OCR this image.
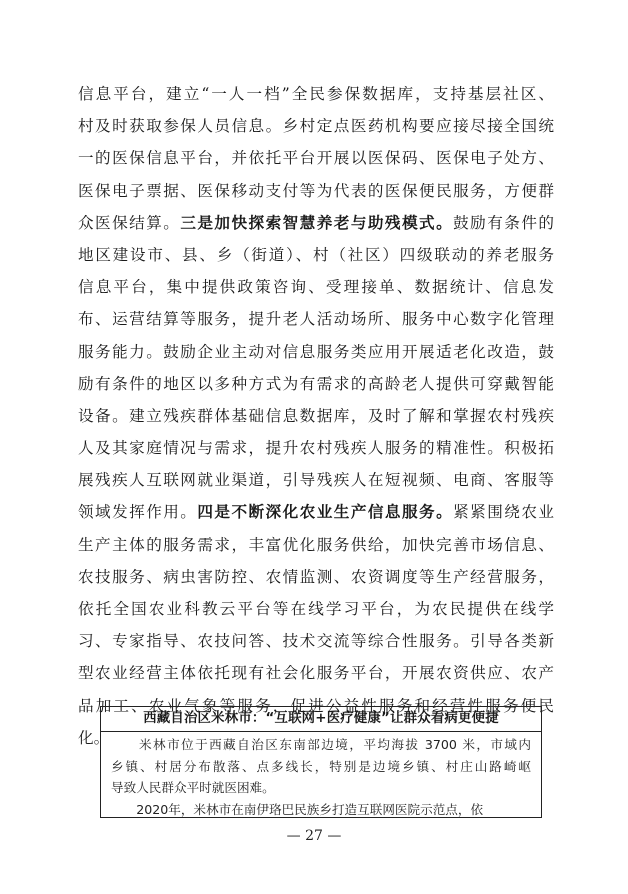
信息平台，建立“一人一档”全民参保数据库，支持基层社区、
村及时获取参保人员信息。乡村定点医药机构要应接尽接全国统
一的医保信息平台，并依托平台开展以医保码、医保电子处方、
医保电子票据、医保移动支付等为代表的医保便民服务，方便群
众医保结算。三是加快探索智慧养老与助残模式。鼓励有条件的
地区建设市、县、乡（街道）、村（社区）四级联动的养老服务
信息平台，集中提供政策咨询、受理接单、数据统计、信息发
布、运营结算等服务，提升老人活动场所、服务中心数字化管理
服务能力。鼓励企业主动对信息服务类应用开展适老化改造，鼓
励有条件的地区以多种方式为有需求的高龄老人提供可穿戴智能
设备。建立残疾群体基础信息数据库，及时了解和掌握农村残疾
人及其家庭情况与需求，提升农村残疾人服务的精准性。积极拓
展残疾人互联网就业渠道，引导残疾人在短视频、电商、客服等
领域发挥作用。四是不断深化农业生产信息服务。紧紧围绕农业
生产主体的服务需求，丰富优化服务供给，加快完善市场信息、
农技服务、病虫害防控、农情监测、农资调度等生产经营服务，
依托全国农业科教云平台等在线学习平台，为农民提供在线学
习、专家指导、农技问答、技术交流等综合性服务。引导各类新
型农业经营主体依托现有社会化服务平台，开展农资供应、农产
品加工、农业气象等服务，促进公益性服务和经营性服务便民
化。
西藏自治区米林市：“互联网+医疗健康”让群众看病更便捷
　　米林市位于西藏自治区东南部边境，平均海拔 3700 米，市域内
乡镇、村居分布散落、点多线长，特别是边境乡镇、村庄山路崎岖
导致人民群众平时就医困难。
　　2020年，米林市在南伊珞巴民族乡打造互联网医院示范点，依
— 27 —
